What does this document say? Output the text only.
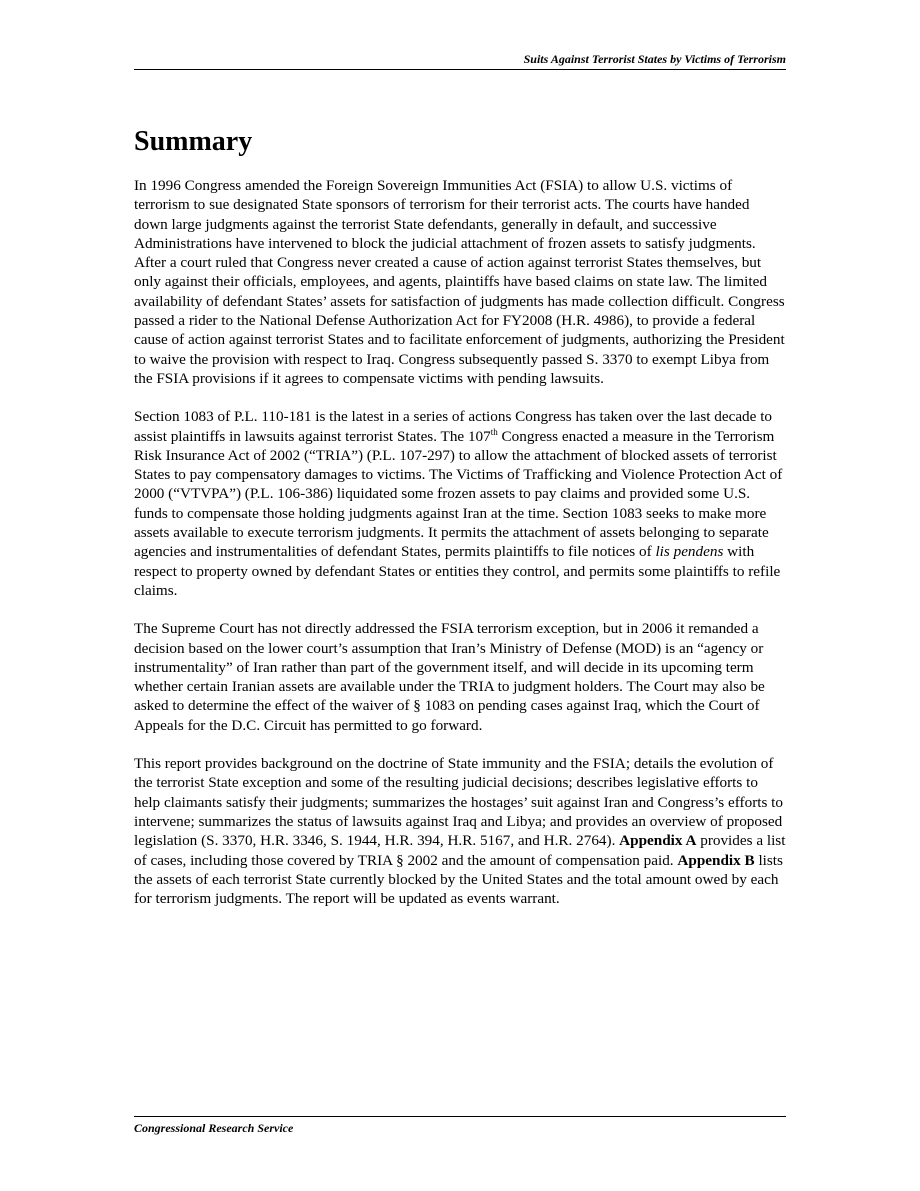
Suits Against Terrorist States by Victims of Terrorism
Summary

In 1996 Congress amended the Foreign Sovereign Immunities Act (FSIA) to allow U.S. victims of terrorism to sue designated State sponsors of terrorism for their terrorist acts. The courts have handed down large judgments against the terrorist State defendants, generally in default, and successive Administrations have intervened to block the judicial attachment of frozen assets to satisfy judgments. After a court ruled that Congress never created a cause of action against terrorist States themselves, but only against their officials, employees, and agents, plaintiffs have based claims on state law. The limited availability of defendant States’ assets for satisfaction of judgments has made collection difficult. Congress passed a rider to the National Defense Authorization Act for FY2008 (H.R. 4986), to provide a federal cause of action against terrorist States and to facilitate enforcement of judgments, authorizing the President to waive the provision with respect to Iraq. Congress subsequently passed S. 3370 to exempt Libya from the FSIA provisions if it agrees to compensate victims with pending lawsuits.

Section 1083 of P.L. 110-181 is the latest in a series of actions Congress has taken over the last decade to assist plaintiffs in lawsuits against terrorist States. The 107th Congress enacted a measure in the Terrorism Risk Insurance Act of 2002 (“TRIA”) (P.L. 107-297) to allow the attachment of blocked assets of terrorist States to pay compensatory damages to victims. The Victims of Trafficking and Violence Protection Act of 2000 (“VTVPA”) (P.L. 106-386) liquidated some frozen assets to pay claims and provided some U.S. funds to compensate those holding judgments against Iran at the time. Section 1083 seeks to make more assets available to execute terrorism judgments. It permits the attachment of assets belonging to separate agencies and instrumentalities of defendant States, permits plaintiffs to file notices of lis pendens with respect to property owned by defendant States or entities they control, and permits some plaintiffs to refile claims.

The Supreme Court has not directly addressed the FSIA terrorism exception, but in 2006 it remanded a decision based on the lower court’s assumption that Iran’s Ministry of Defense (MOD) is an “agency or instrumentality” of Iran rather than part of the government itself, and will decide in its upcoming term whether certain Iranian assets are available under the TRIA to judgment holders. The Court may also be asked to determine the effect of the waiver of § 1083 on pending cases against Iraq, which the Court of Appeals for the D.C. Circuit has permitted to go forward.

This report provides background on the doctrine of State immunity and the FSIA; details the evolution of the terrorist State exception and some of the resulting judicial decisions; describes legislative efforts to help claimants satisfy their judgments; summarizes the hostages’ suit against Iran and Congress’s efforts to intervene; summarizes the status of lawsuits against Iraq and Libya; and provides an overview of proposed legislation (S. 3370, H.R. 3346, S. 1944, H.R. 394, H.R. 5167, and H.R. 2764). Appendix A provides a list of cases, including those covered by TRIA § 2002 and the amount of compensation paid. Appendix B lists the assets of each terrorist State currently blocked by the United States and the total amount owed by each for terrorism judgments. The report will be updated as events warrant.

Congressional Research Service
